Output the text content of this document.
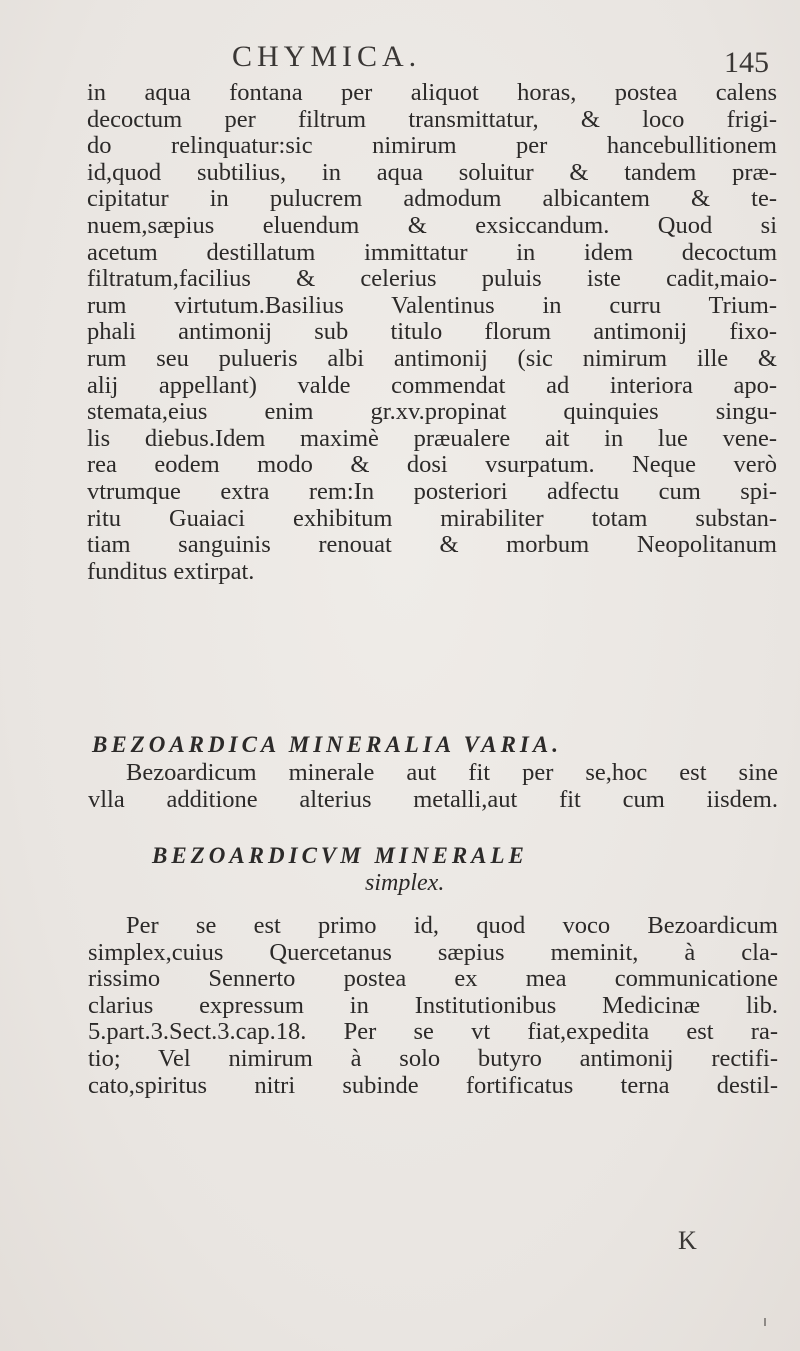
CHYMICA.	145
in aqua fontana per aliquot horas, postea calens
decoctum per filtrum transmittatur, & loco frigi-
do relinquatur:sic nimirum per hancebullitionem
id,quod subtilius, in aqua soluitur & tandem præ-
cipitatur in pulucrem admodum albicantem & te-
nuem,sæpius eluendum & exsiccandum. Quod si
acetum destillatum immittatur in idem decoctum
filtratum,facilius & celerius puluis iste cadit,maio-
rum virtutum.Basilius Valentinus in curru Trium-
phali antimonij sub titulo florum antimonij fixo-
rum seu pulueris albi antimonij (sic nimirum ille &
alij appellant) valde commendat ad interiora apo-
stemata,eius enim gr.xv.propinat quinquies singu-
lis diebus.Idem maximè præualere ait in lue vene-
rea eodem modo & dosi vsurpatum. Neque verò
vtrumque extra rem:In posteriori adfectu cum spi-
ritu Guaiaci exhibitum mirabiliter totam substan-
tiam sanguinis renouat & morbum Neopolitanum
funditus extirpat.
BEZOARDICA MINERALIA VARIA.
Bezoardicum minerale aut fit per se,hoc est sine
vlla additione alterius metalli,aut fit cum iisdem.
BEZOARDICVM MINERALE
simplex.
Per se est primo id, quod voco Bezoardicum
simplex,cuius Quercetanus sæpius meminit, à cla-
rissimo Sennerto postea ex mea communicatione
clarius expressum in Institutionibus Medicinæ lib.
5.part.3.Sect.3.cap.18. Per se vt fiat,expedita est ra-
tio; Vel nimirum à solo butyro antimonij rectifi-
cato,spiritus nitri subinde fortificatus terna destil-
K
